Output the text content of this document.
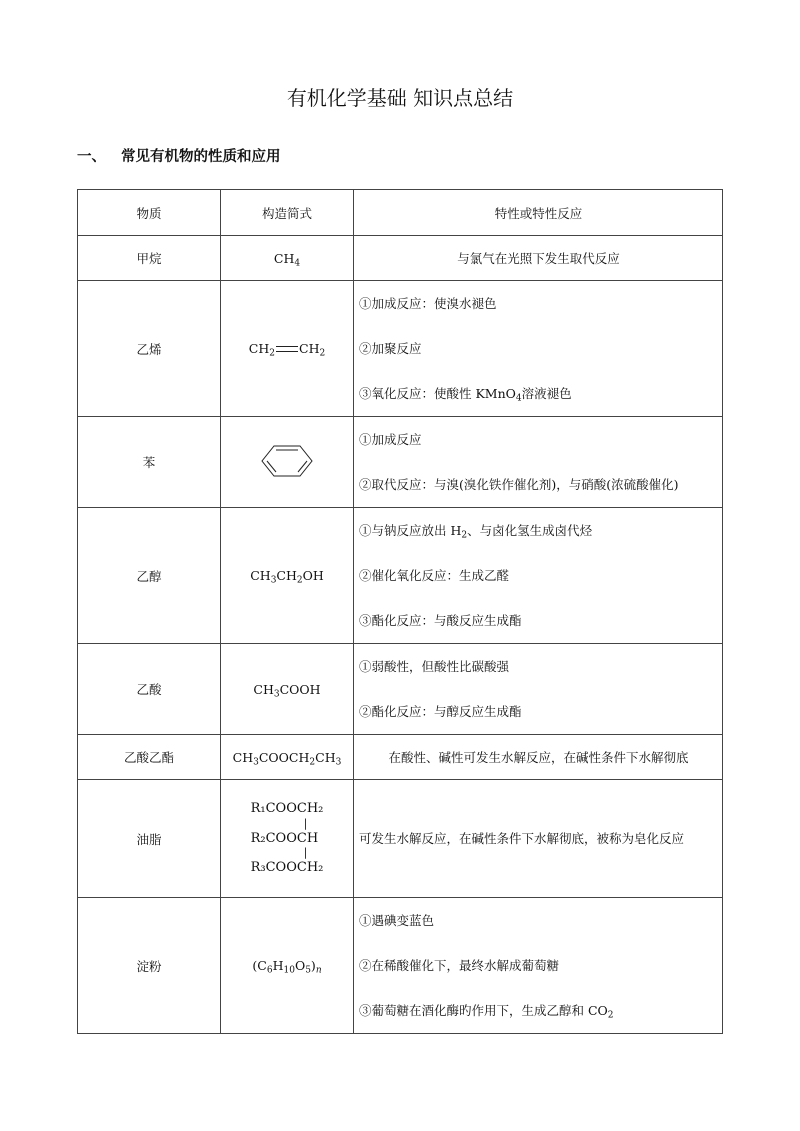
有机化学基础 知识点总结
一、 常见有机物的性质和应用
物质	构造简式	特性或特性反应
甲烷	$CH_4$	与氯气在光照下发生取代反应
乙烯	$CH_2$ $CH_2$	①加成反应：使溴水褪色
②加聚反应
③氧化反应：使酸性 KMnO$_4$溶液褪色

苯		①加成反应
②取代反应：与溴(溴化铁作催化剂)，与硝酸(浓硫酸催化)

乙醇	$CH_3CH_2OH$	①与钠反应放出 $H_2$、与卤化氢生成卤代烃
②催化氧化反应：生成乙醛
③酯化反应：与酸反应生成酯

乙酸	$CH_3COOH$	①弱酸性，但酸性比碳酸强
②酯化反应：与醇反应生成酯

乙酸乙酯	$CH_3COOCH_2CH_3$	在酸性、碱性可发生水解反应，在碱性条件下水解彻底
油脂	R₁COOCH₂
|
R₂COOCH
|
R₃COOCH₂	可发生水解反应，在碱性条件下水解彻底，被称为皂化反应

淀粉	$(C_6H_{10}O_5)_n$	①遇碘变蓝色
②在稀酸催化下，最终水解成葡萄糖
③葡萄糖在酒化酶旳作用下，生成乙醇和 $CO_2$
